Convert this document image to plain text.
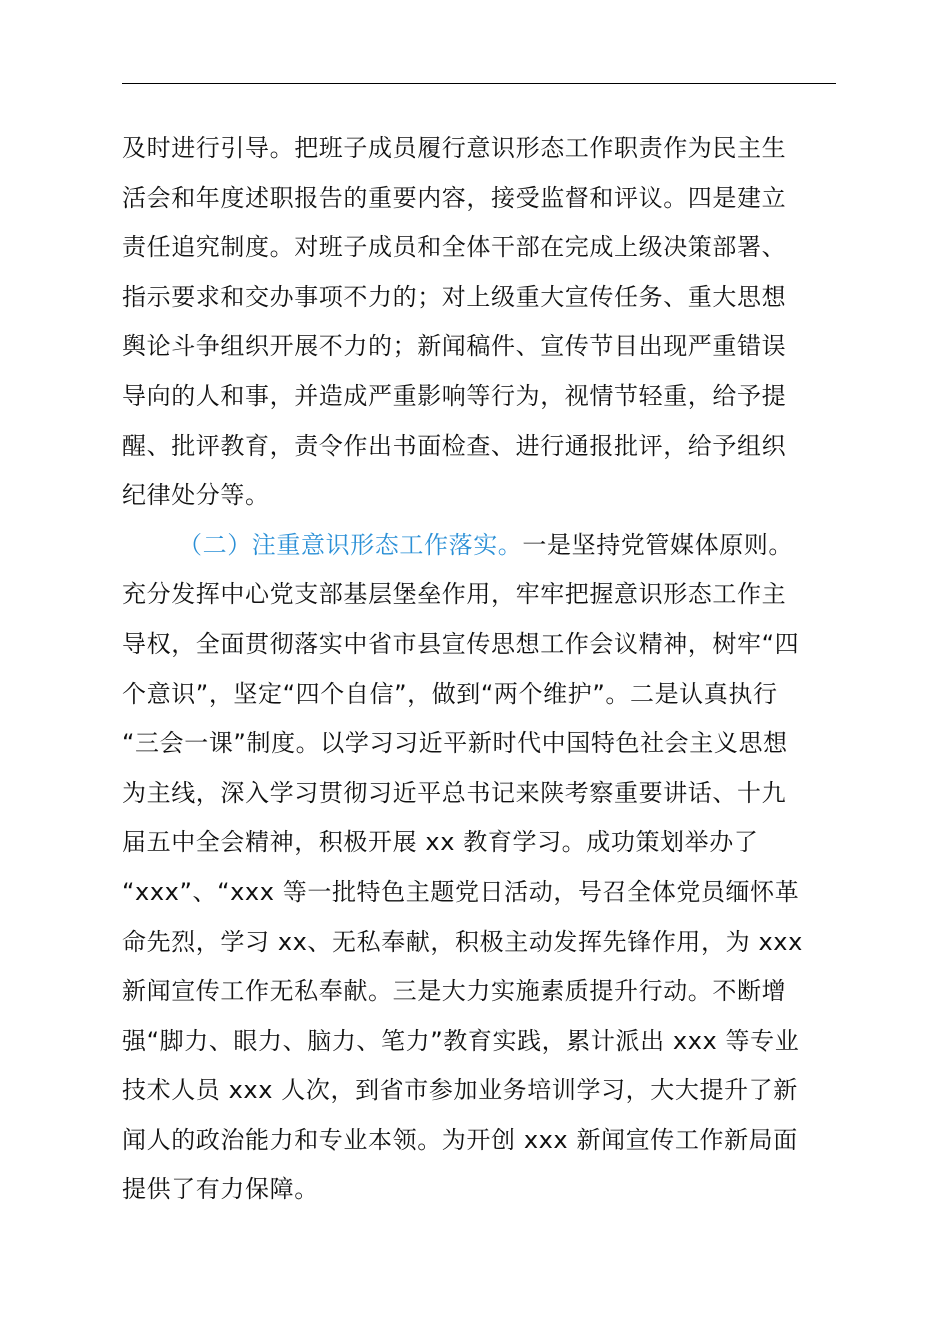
及时进行引导。把班子成员履行意识形态工作职责作为民主生
活会和年度述职报告的重要内容，接受监督和评议。四是建立
责任追究制度。对班子成员和全体干部在完成上级决策部署、
指示要求和交办事项不力的；对上级重大宣传任务、重大思想
舆论斗争组织开展不力的；新闻稿件、宣传节目出现严重错误
导向的人和事，并造成严重影响等行为，视情节轻重，给予提
醒、批评教育，责令作出书面检查、进行通报批评，给予组织
纪律处分等。
（二）注重意识形态工作落实。一是坚持党管媒体原则。
充分发挥中心党支部基层堡垒作用，牢牢把握意识形态工作主
导权，全面贯彻落实中省市县宣传思想工作会议精神，树牢“四
个意识”，坚定“四个自信”，做到“两个维护”。二是认真执行
“三会一课”制度。以学习习近平新时代中国特色社会主义思想
为主线，深入学习贯彻习近平总书记来陕考察重要讲话、十九
届五中全会精神，积极开展 xx 教育学习。成功策划举办了
“xxx”、“xxx 等一批特色主题党日活动，号召全体党员缅怀革
命先烈，学习 xx、无私奉献，积极主动发挥先锋作用，为 xxx
新闻宣传工作无私奉献。三是大力实施素质提升行动。不断增
强“脚力、眼力、脑力、笔力”教育实践，累计派出 xxx 等专业
技术人员 xxx 人次，到省市参加业务培训学习，大大提升了新
闻人的政治能力和专业本领。为开创 xxx 新闻宣传工作新局面
提供了有力保障。
